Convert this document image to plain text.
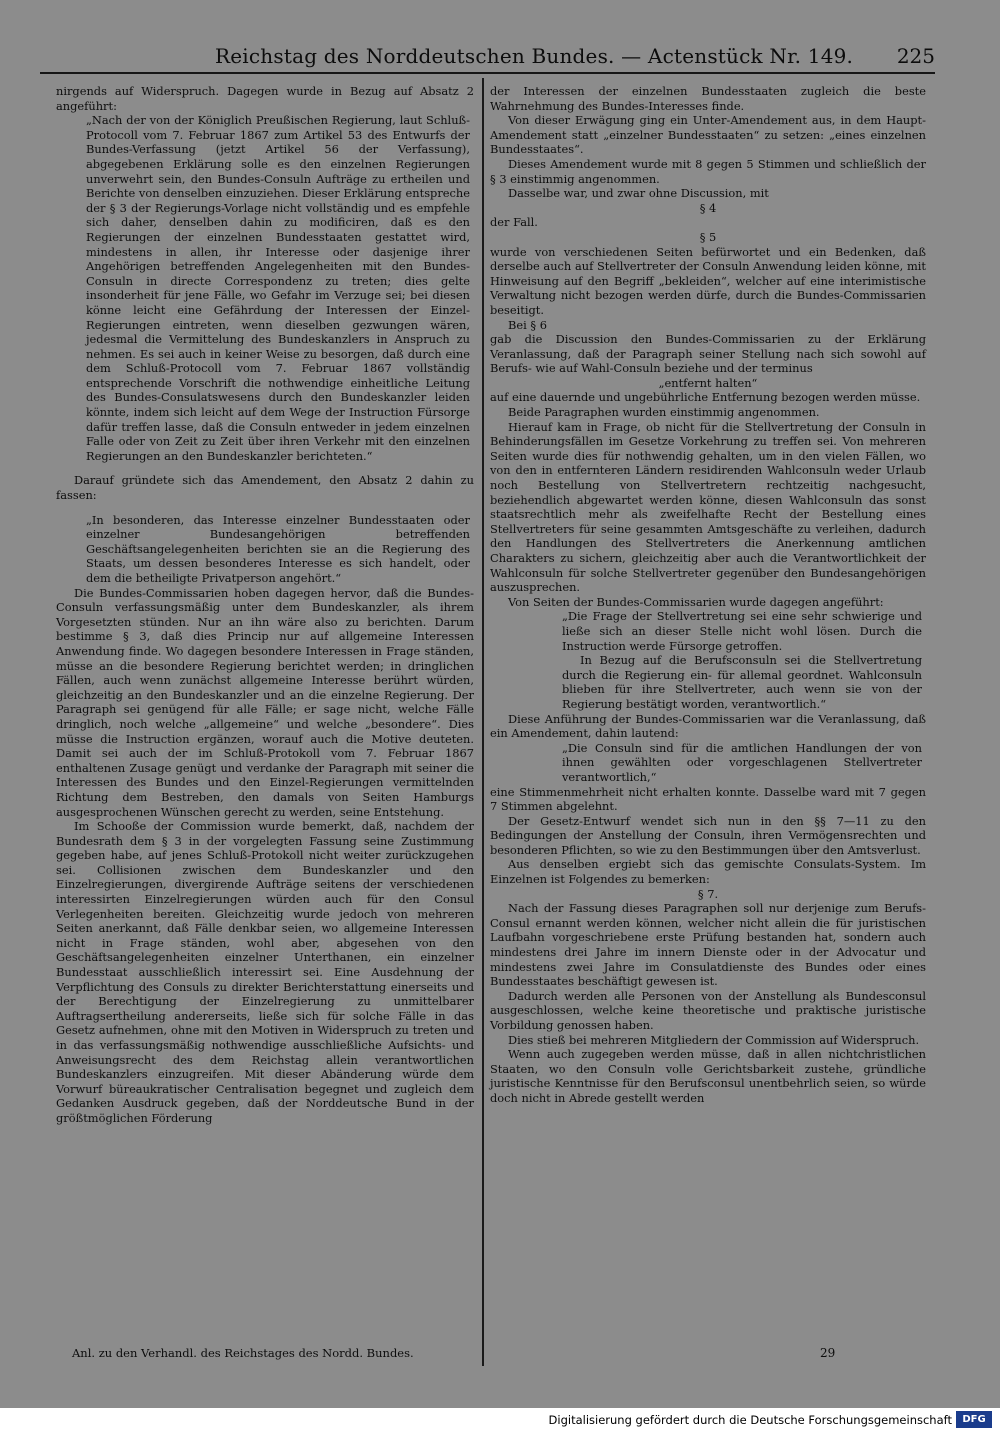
Reichstag des Norddeutschen Bundes. — Actenstück Nr. 149. 225

nirgends auf Widerspruch. Dagegen wurde in Bezug auf Absatz 2 angeführt:

„Nach der von der Königlich Preußischen Regierung, laut Schluß-Protocoll vom 7. Februar 1867 zum Artikel 53 des Entwurfs der Bundes-Verfassung (jetzt Artikel 56 der Verfassung), abgegebenen Erklärung solle es den einzelnen Regierungen unverwehrt sein, den Bundes-Consuln Aufträge zu ertheilen und Berichte von denselben einzuziehen. Dieser Erklärung entspreche der § 3 der Regierungs-Vorlage nicht vollständig und es empfehle sich daher, denselben dahin zu modificiren, daß es den Regierungen der einzelnen Bundesstaaten gestattet wird, mindestens in allen, ihr Interesse oder dasjenige ihrer Angehörigen betreffenden Angelegenheiten mit den Bundes-Consuln in directe Correspondenz zu treten; dies gelte insonderheit für jene Fälle, wo Gefahr im Verzuge sei; bei diesen könne leicht eine Gefährdung der Interessen der Einzel-Regierungen eintreten, wenn dieselben gezwungen wären, jedesmal die Vermittelung des Bundeskanzlers in Anspruch zu nehmen. Es sei auch in keiner Weise zu besorgen, daß durch eine dem Schluß-Protocoll vom 7. Februar 1867 vollständig entsprechende Vorschrift die nothwendige einheitliche Leitung des Bundes-Consulatswesens durch den Bundeskanzler leiden könnte, indem sich leicht auf dem Wege der Instruction Fürsorge dafür treffen lasse, daß die Consuln entweder in jedem einzelnen Falle oder von Zeit zu Zeit über ihren Verkehr mit den einzelnen Regierungen an den Bundeskanzler berichteten.“

Darauf gründete sich das Amendement, den Absatz 2 dahin zu fassen:

„In besonderen, das Interesse einzelner Bundesstaaten oder einzelner Bundesangehörigen betreffenden Geschäftsangelegenheiten berichten sie an die Regierung des Staats, um dessen besonderes Interesse es sich handelt, oder dem die betheiligte Privatperson angehört.“

Die Bundes-Commissarien hoben dagegen hervor, daß die Bundes-Consuln verfassungsmäßig unter dem Bundeskanzler, als ihrem Vorgesetzten stünden. Nur an ihn wäre also zu berichten. Darum bestimme § 3, daß dies Princip nur auf allgemeine Interessen Anwendung finde. Wo dagegen besondere Interessen in Frage ständen, müsse an die besondere Regierung berichtet werden; in dringlichen Fällen, auch wenn zunächst allgemeine Interesse berührt würden, gleichzeitig an den Bundeskanzler und an die einzelne Regierung. Der Paragraph sei genügend für alle Fälle; er sage nicht, welche Fälle dringlich, noch welche „allgemeine“ und welche „besondere“. Dies müsse die Instruction ergänzen, worauf auch die Motive deuteten. Damit sei auch der im Schluß-Protokoll vom 7. Februar 1867 enthaltenen Zusage genügt und verdanke der Paragraph mit seiner die Interessen des Bundes und den Einzel-Regierungen vermittelnden Richtung dem Bestreben, den damals von Seiten Hamburgs ausgesprochenen Wünschen gerecht zu werden, seine Entstehung.

Im Schooße der Commission wurde bemerkt, daß, nachdem der Bundesrath dem § 3 in der vorgelegten Fassung seine Zustimmung gegeben habe, auf jenes Schluß-Protokoll nicht weiter zurückzugehen sei. Collisionen zwischen dem Bundeskanzler und den Einzelregierungen, divergirende Aufträge seitens der verschiedenen interessirten Einzelregierungen würden auch für den Consul Verlegenheiten bereiten. Gleichzeitig wurde jedoch von mehreren Seiten anerkannt, daß Fälle denkbar seien, wo allgemeine Interessen nicht in Frage ständen, wohl aber, abgesehen von den Geschäftsangelegenheiten einzelner Unterthanen, ein einzelner Bundesstaat ausschließlich interessirt sei. Eine Ausdehnung der Verpflichtung des Consuls zu direkter Berichterstattung einerseits und der Berechtigung der Einzelregierung zu unmittelbarer Auftragsertheilung andererseits, ließe sich für solche Fälle in das Gesetz aufnehmen, ohne mit den Motiven in Widerspruch zu treten und in das verfassungsmäßig nothwendige ausschließliche Aufsichts- und Anweisungsrecht des dem Reichstag allein verantwortlichen Bundeskanzlers einzugreifen. Mit dieser Abänderung würde dem Vorwurf büreaukratischer Centralisation begegnet und zugleich dem Gedanken Ausdruck gegeben, daß der Norddeutsche Bund in der größtmöglichen Förderung

der Interessen der einzelnen Bundesstaaten zugleich die beste Wahrnehmung des Bundes-Interesses finde.

Von dieser Erwägung ging ein Unter-Amendement aus, in dem Haupt-Amendement statt „einzelner Bundesstaaten“ zu setzen: „eines einzelnen Bundesstaates“.

Dieses Amendement wurde mit 8 gegen 5 Stimmen und schließlich der § 3 einstimmig angenommen.

Dasselbe war, und zwar ohne Discussion, mit

§ 4

der Fall.

§ 5

wurde von verschiedenen Seiten befürwortet und ein Bedenken, daß derselbe auch auf Stellvertreter der Consuln Anwendung leiden könne, mit Hinweisung auf den Begriff „bekleiden“, welcher auf eine interimistische Verwaltung nicht bezogen werden dürfe, durch die Bundes-Commissarien beseitigt.

Bei § 6

gab die Discussion den Bundes-Commissarien zu der Erklärung Veranlassung, daß der Paragraph seiner Stellung nach sich sowohl auf Berufs- wie auf Wahl-Consuln beziehe und der terminus

„entfernt halten“

auf eine dauernde und ungebührliche Entfernung bezogen werden müsse.

Beide Paragraphen wurden einstimmig angenommen.

Hierauf kam in Frage, ob nicht für die Stellvertretung der Consuln in Behinderungsfällen im Gesetze Vorkehrung zu treffen sei. Von mehreren Seiten wurde dies für nothwendig gehalten, um in den vielen Fällen, wo von den in entfernteren Ländern residirenden Wahlconsuln weder Urlaub noch Bestellung von Stellvertretern rechtzeitig nachgesucht, beziehendlich abgewartet werden könne, diesen Wahlconsuln das sonst staatsrechtlich mehr als zweifelhafte Recht der Bestellung eines Stellvertreters für seine gesammten Amtsgeschäfte zu verleihen, dadurch den Handlungen des Stellvertreters die Anerkennung amtlichen Charakters zu sichern, gleichzeitig aber auch die Verantwortlichkeit der Wahlconsuln für solche Stellvertreter gegenüber den Bundesangehörigen auszusprechen.

Von Seiten der Bundes-Commissarien wurde dagegen angeführt:

„Die Frage der Stellvertretung sei eine sehr schwierige und ließe sich an dieser Stelle nicht wohl lösen. Durch die Instruction werde Fürsorge getroffen.

In Bezug auf die Berufsconsuln sei die Stellvertretung durch die Regierung ein- für allemal geordnet. Wahlconsuln blieben für ihre Stellvertreter, auch wenn sie von der Regierung bestätigt worden, verantwortlich.“

Diese Anführung der Bundes-Commissarien war die Veranlassung, daß ein Amendement, dahin lautend:

„Die Consuln sind für die amtlichen Handlungen der von ihnen gewählten oder vorgeschlagenen Stellvertreter verantwortlich,“

eine Stimmenmehrheit nicht erhalten konnte. Dasselbe ward mit 7 gegen 7 Stimmen abgelehnt.

Der Gesetz-Entwurf wendet sich nun in den §§ 7—11 zu den Bedingungen der Anstellung der Consuln, ihren Vermögensrechten und besonderen Pflichten, so wie zu den Bestimmungen über den Amtsverlust.

Aus denselben ergiebt sich das gemischte Consulats-System. Im Einzelnen ist Folgendes zu bemerken:

§ 7.

Nach der Fassung dieses Paragraphen soll nur derjenige zum Berufs-Consul ernannt werden können, welcher nicht allein die für juristischen Laufbahn vorgeschriebene erste Prüfung bestanden hat, sondern auch mindestens drei Jahre im innern Dienste oder in der Advocatur und mindestens zwei Jahre im Consulatdienste des Bundes oder eines Bundesstaates beschäftigt gewesen ist.

Dadurch werden alle Personen von der Anstellung als Bundesconsul ausgeschlossen, welche keine theoretische und praktische juristische Vorbildung genossen haben.

Dies stieß bei mehreren Mitgliedern der Commission auf Widerspruch.

Wenn auch zugegeben werden müsse, daß in allen nichtchristlichen Staaten, wo den Consuln volle Gerichtsbarkeit zustehe, gründliche juristische Kenntnisse für den Berufsconsul unentbehrlich seien, so würde doch nicht in Abrede gestellt werden

Anl. zu den Verhandl. des Reichstages des Nordd. Bundes.	29
Digitalisierung gefördert durch die Deutsche Forschungsgemeinschaft	DFG
